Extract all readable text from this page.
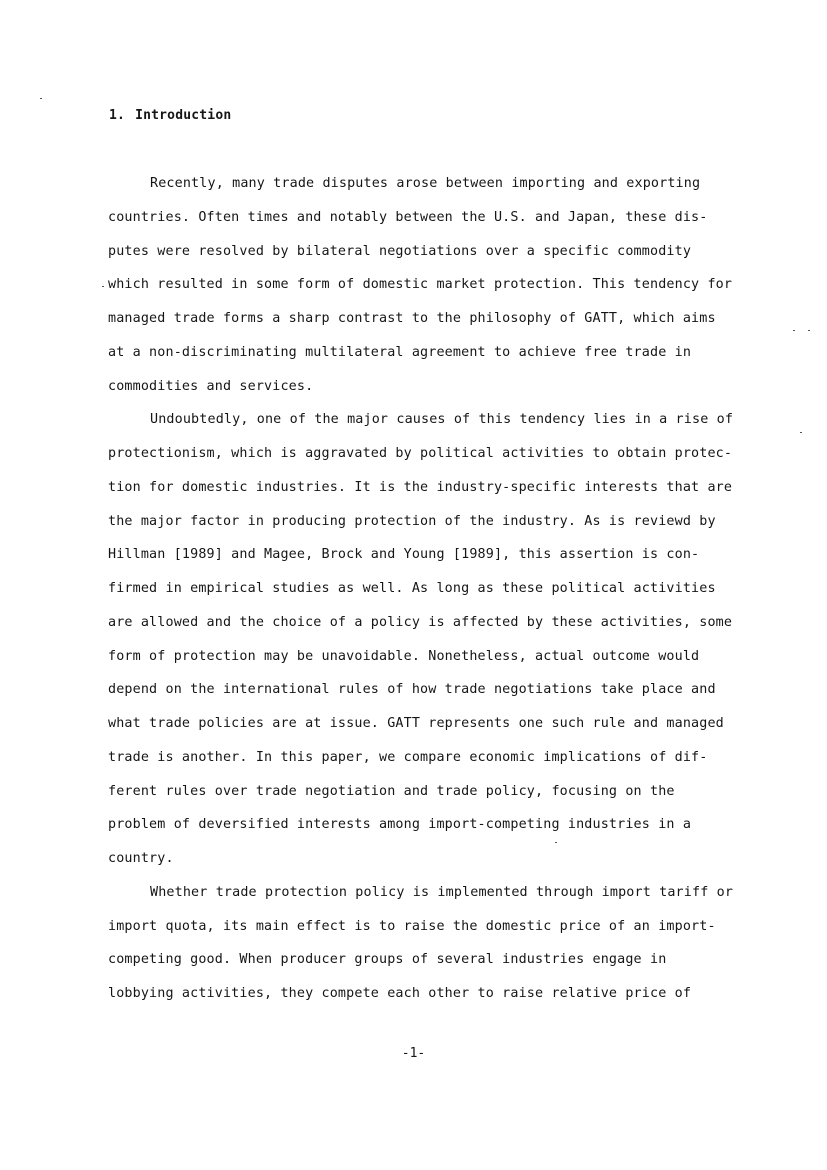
1. Introduction
Recently, many trade disputes arose between importing and exporting
countries. Often times and notably between the U.S. and Japan, these dis-
putes were resolved by bilateral negotiations over a specific commodity
which resulted in some form of domestic market protection. This tendency for
managed trade forms a sharp contrast to the philosophy of GATT, which aims
at a non-discriminating multilateral agreement to achieve free trade in
commodities and services.
Undoubtedly, one of the major causes of this tendency lies in a rise of
protectionism, which is aggravated by political activities to obtain protec-
tion for domestic industries. It is the industry-specific interests that are
the major factor in producing protection of the industry. As is reviewd by
Hillman [1989] and Magee, Brock and Young [1989], this assertion is con-
firmed in empirical studies as well. As long as these political activities
are allowed and the choice of a policy is affected by these activities, some
form of protection may be unavoidable. Nonetheless, actual outcome would
depend on the international rules of how trade negotiations take place and
what trade policies are at issue. GATT represents one such rule and managed
trade is another. In this paper, we compare economic implications of dif-
ferent rules over trade negotiation and trade policy, focusing on the
problem of deversified interests among import-competing industries in a
country.
Whether trade protection policy is implemented through import tariff or
import quota, its main effect is to raise the domestic price of an import-
competing good. When producer groups of several industries engage in
lobbying activities, they compete each other to raise relative price of
-1-
